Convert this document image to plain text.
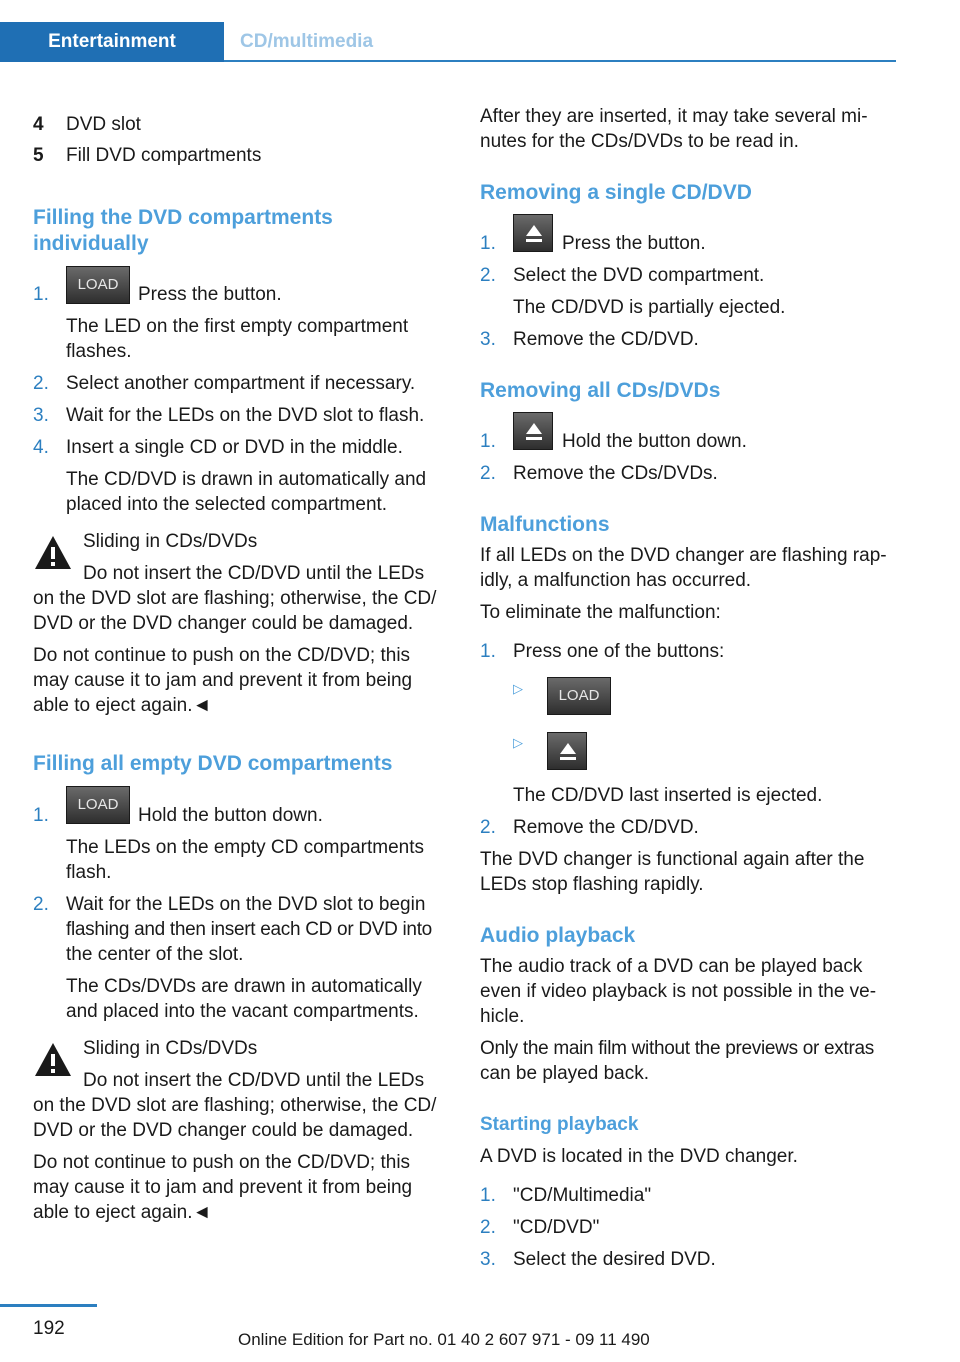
Entertainment	CD/multimedia
4 DVD slot
5 Fill DVD compartments
Filling the DVD compartments
individually
1.	LOAD	Press the button.
The LED on the first empty compartment
flashes.
2. Select another compartment if necessary.
3. Wait for the LEDs on the DVD slot to flash.
4. Insert a single CD or DVD in the middle.
The CD/DVD is drawn in automatically and
placed into the selected compartment.
Sliding in CDs/DVDs
Do not insert the CD/DVD until the LEDs
on the DVD slot are flashing; otherwise, the CD/
DVD or the DVD changer could be damaged.
Do not continue to push on the CD/DVD; this
may cause it to jam and prevent it from being
able to eject again.◄
Filling all empty DVD compartments
1.
LOAD
Hold the button down.
The LEDs on the empty CD compartments
flash.
2. Wait for the LEDs on the DVD slot to begin
flashing and then insert each CD or DVD into
the center of the slot.
The CDs/DVDs are drawn in automatically
and placed into the vacant compartments.
Sliding in CDs/DVDs
Do not insert the CD/DVD until the LEDs
on the DVD slot are flashing; otherwise, the CD/
DVD or the DVD changer could be damaged.
Do not continue to push on the CD/DVD; this
may cause it to jam and prevent it from being
able to eject again.◄
After they are inserted, it may take several mi-
nutes for the CDs/DVDs to be read in.
Removing a single CD/DVD
1.	Press the button.
2. Select the DVD compartment.
The CD/DVD is partially ejected.
3. Remove the CD/DVD.
Removing all CDs/DVDs
1.	Hold the button down.
2. Remove the CDs/DVDs.
Malfunctions
If all LEDs on the DVD changer are flashing rap-
idly, a malfunction has occurred.
To eliminate the malfunction:
1. Press one of the buttons:
▷	LOAD
▷
The CD/DVD last inserted is ejected.
2. Remove the CD/DVD.
The DVD changer is functional again after the
LEDs stop flashing rapidly.
Audio playback
The audio track of a DVD can be played back
even if video playback is not possible in the ve-
hicle.
Only the main film without the previews or extras
can be played back.
Starting playback
A DVD is located in the DVD changer.
1. "CD/Multimedia"
2. "CD/DVD"
3. Select the desired DVD.
192
Online Edition for Part no. 01 40 2 607 971 - 09 11 490
